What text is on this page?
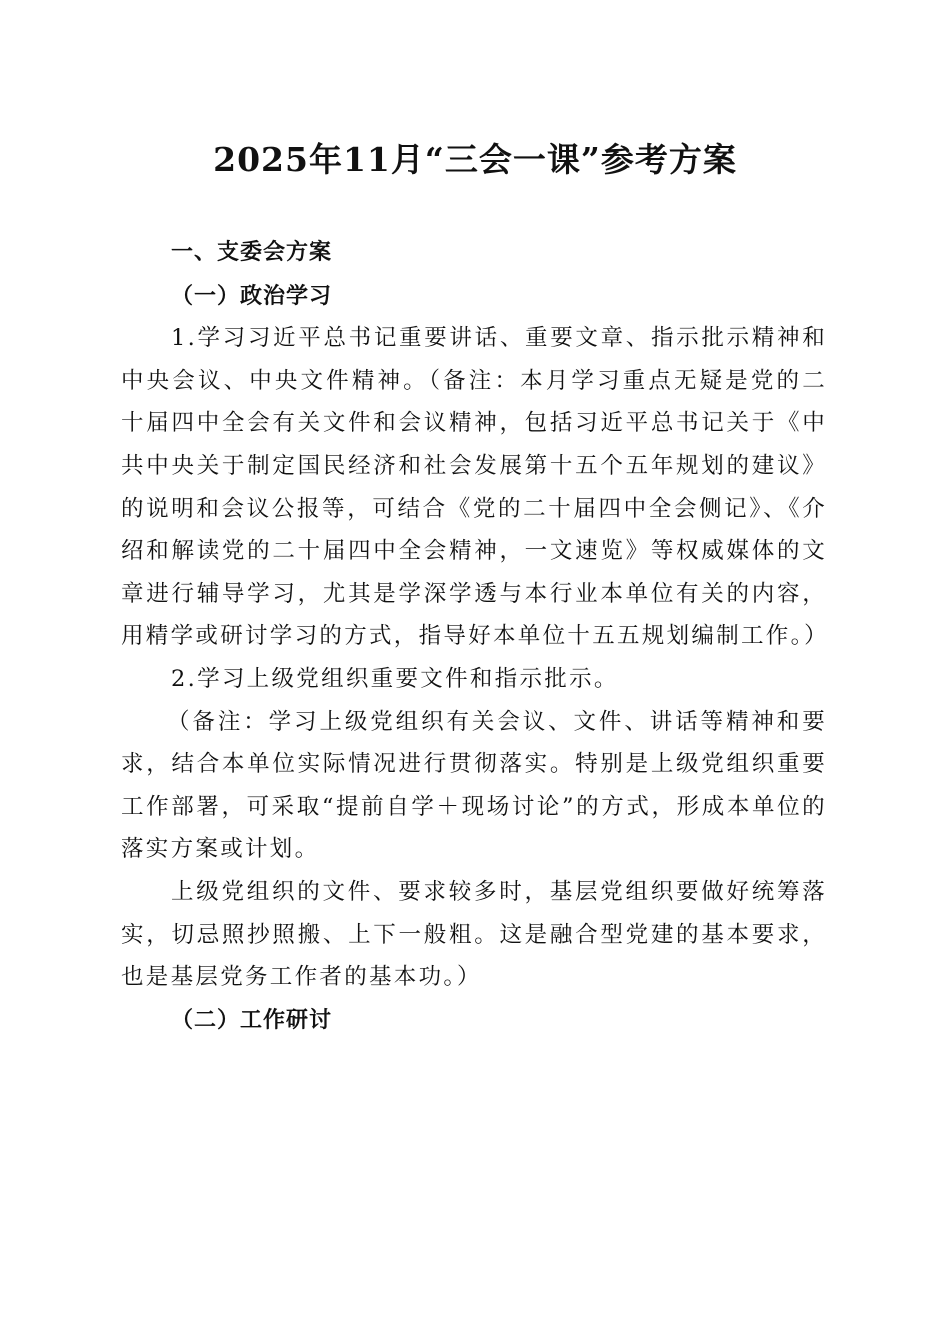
2025年11月“三会一课”参考方案

一、支委会方案

（一）政治学习

1.学习习近平总书记重要讲话、重要文章、指示批示精神和中央会议、中央文件精神。（备注：本月学习重点无疑是党的二十届四中全会有关文件和会议精神，包括习近平总书记关于《中共中央关于制定国民经济和社会发展第十五个五年规划的建议》的说明和会议公报等，可结合《党的二十届四中全会侧记》、《介绍和解读党的二十届四中全会精神，一文速览》等权威媒体的文章进行辅导学习，尤其是学深学透与本行业本单位有关的内容，用精学或研讨学习的方式，指导好本单位十五五规划编制工作。）

2.学习上级党组织重要文件和指示批示。

（备注：学习上级党组织有关会议、文件、讲话等精神和要求，结合本单位实际情况进行贯彻落实。特别是上级党组织重要工作部署，可采取“提前自学＋现场讨论”的方式，形成本单位的落实方案或计划。

上级党组织的文件、要求较多时，基层党组织要做好统筹落实，切忌照抄照搬、上下一般粗。这是融合型党建的基本要求，也是基层党务工作者的基本功。）

（二）工作研讨
